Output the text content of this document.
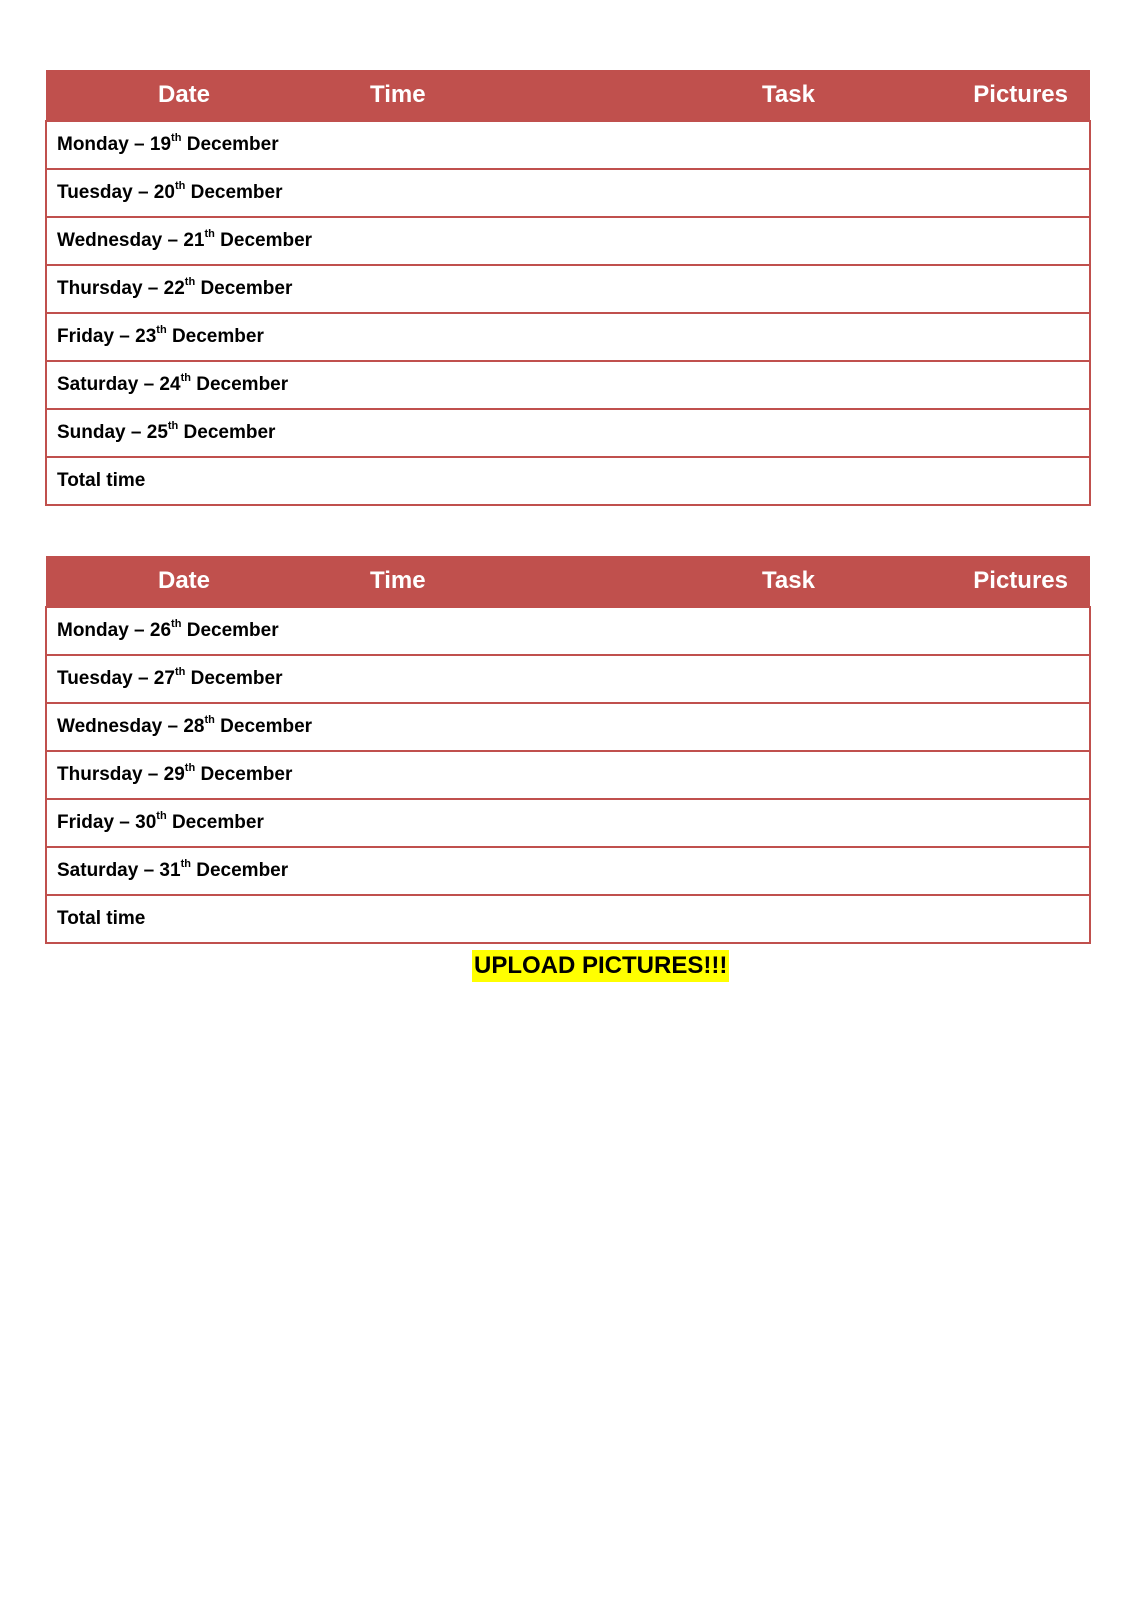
Date	Time	Task	Pictures
Monday – 19th December
Tuesday – 20th December
Wednesday – 21th December
Thursday – 22th December
Friday – 23th December
Saturday – 24th December
Sunday – 25th December
Total time
Date	Time	Task	Pictures
Monday – 26th December
Tuesday – 27th December
Wednesday – 28th December
Thursday – 29th December
Friday – 30th December
Saturday – 31th December
Total time
UPLOAD PICTURES!!!
